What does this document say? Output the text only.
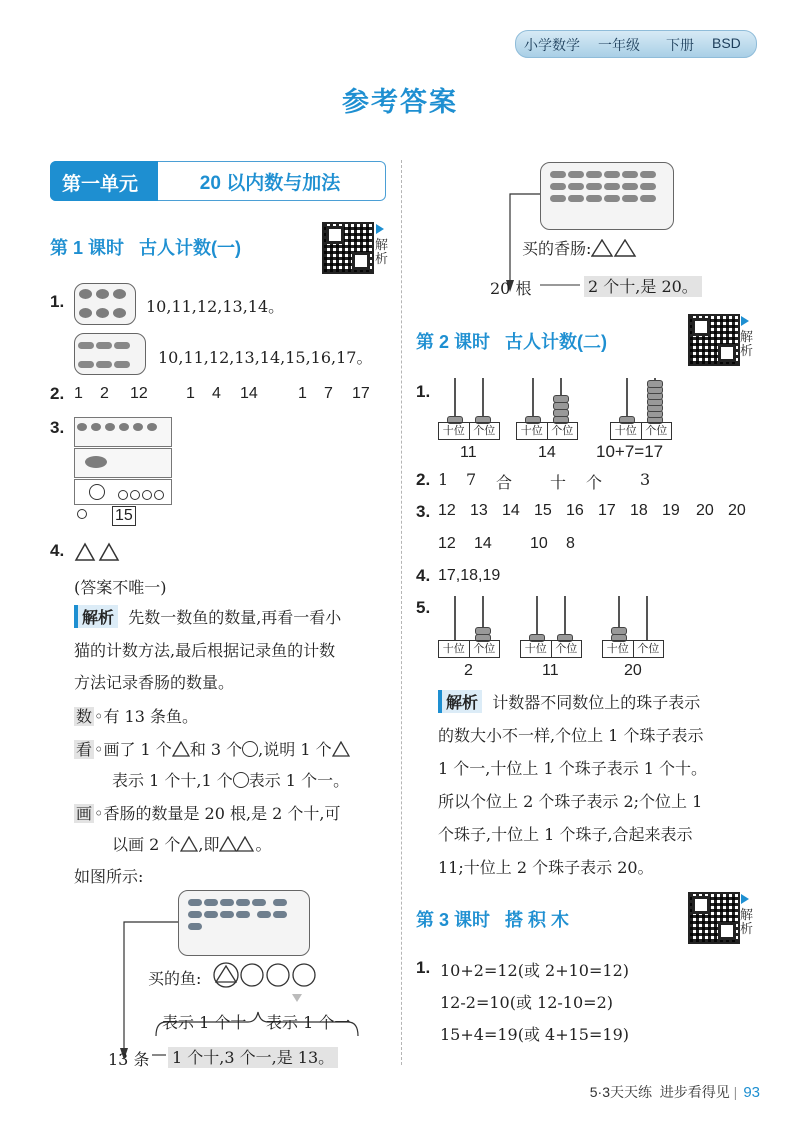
小学数学 一年级 下册 BSD
参考答案
第一单元	20 以内数与加法
第 1 课时 古人计数(一)	解析
1.
	10,11,12,13,14。

10,11,12,13,14,15,16,17。
2. 1 2 12 1 4 14	1 7 17
3.

15
4.
(答案不唯一)
解析 先数一数鱼的数量,再看一看小
猫的计数方法,最后根据记录鱼的计数
方法记录香肠的数量。
数 ◦有 13 条鱼。
看 ◦画了 1 个 和 3 个 ,说明 1 个
表示 1 个十,1 个 表示 1 个一。
画 ◦香肠的数量是 20 根,是 2 个十,可
以画 2 个 ,即 。
如图所示:

买的鱼:
表示 1 个十 表示 1 个一
13 条 1 个十,3 个一,是 13。

买的香肠:
20 根	2 个十,是 20。
第 2 课时 古人计数(二)	解析
1.
十位 个位
11
十位 个位
14
十位 个位
10+7=17
2. 1 7 合 十 个 3
3. 12 13 14 15 16 17 18 19 20 20
12 14 10 8
4. 17,18,19
5.
十位 个位
2
十位 个位
11
十位 个位
20
解析 计数器不同数位上的珠子表示
的数大小不一样,个位上 1 个珠子表示
1 个一,十位上 1 个珠子表示 1 个十。
所以个位上 2 个珠子表示 2;个位上 1
个珠子,十位上 1 个珠子,合起来表示
11;十位上 2 个珠子表示 20。
第 3 课时 搭 积 木	解析
1. 10+2=12(或 2+10=12)
12-2=10(或 12-10=2)
15+4=19(或 4+15=19)
5·3天天练 进步看得见 | 93
